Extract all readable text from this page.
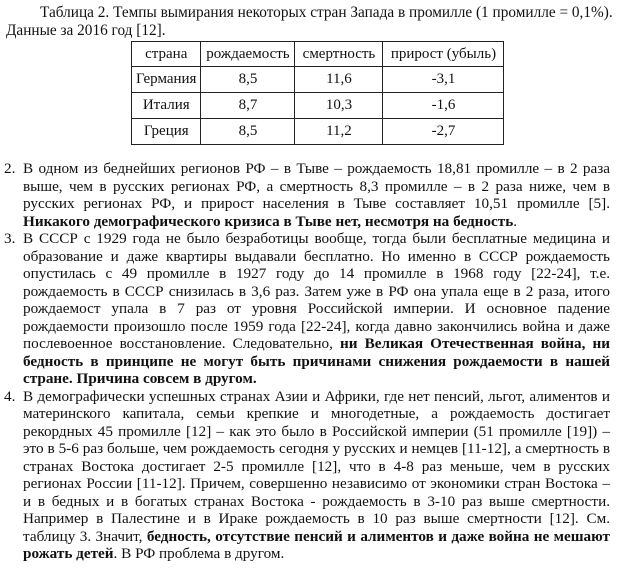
Таблица 2. Темпы вымирания некоторых стран Запада в промилле (1 промилле = 0,1%).
Данные за 2016 год [12].
страна	рождаемость	смертность	прирост (убыль)
Германия	8,5	11,6	-3,1
Италия	8,7	10,3	-1,6
Греция	8,5	11,2	-2,7
2. В одном из беднейших регионов РФ – в Тыве – рождаемость 18,81 промилле – в 2 раза выше, чем в русских регионах РФ, а смертность 8,3 промилле – в 2 раза ниже, чем в русских регионах РФ, и прирост населения в Тыве составляет 10,51 промилле [5]. Никакого демографического кризиса в Тыве нет, несмотря на бедность.
3. В СССР с 1929 года не было безработицы вообще, тогда были бесплатные медицина и образование и даже квартиры выдавали бесплатно. Но именно в СССР рождаемость опустилась с 49 промилле в 1927 году до 14 промилле в 1968 году [22-24], т.е. рождаемость в СССР снизилась в 3,6 раз. Затем уже в РФ она упала еще в 2 раза, итого рождаемост упала в 7 раз от уровня Российской империи. И основное падение рождаемости произошло после 1959 года [22-24], когда давно закончились война и даже послевоенное восстановление. Следовательно, ни Великая Отечественная война, ни бедность в принципе не могут быть причинами снижения рождаемости в нашей стране. Причина совсем в другом.
4. В демографически успешных странах Азии и Африки, где нет пенсий, льгот, алиментов и материнского капитала, семьи крепкие и многодетные, а рождаемость достигает рекордных 45 промилле [12] – как это было в Российской империи (51 промилле [19]) – это в 5-6 раз больше, чем рождаемость сегодня у русских и немцев [11-12], а смертность в странах Востока достигает 2-5 промилле [12], что в 4-8 раз меньше, чем в русских регионах России [11-12]. Причем, совершенно независимо от экономики стран Востока – и в бедных и в богатых странах Востока - рождаемость в 3-10 раз выше смертности. Например в Палестине и в Ираке рождаемость в 10 раз выше смертности [12]. См. таблицу 3. Значит, бедность, отсутствие пенсий и алиментов и даже война не мешают рожать детей. В РФ проблема в другом.
